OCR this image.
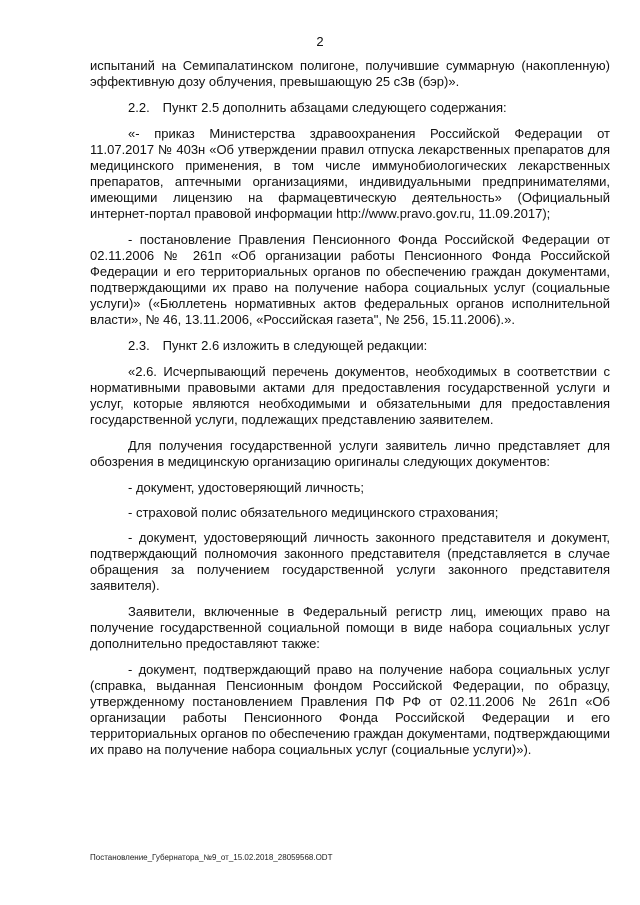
2

испытаний на Семипалатинском полигоне, получившие суммарную (накопленную) эффективную дозу облучения, превышающую 25 сЗв (бэр)».

2.2. Пункт 2.5 дополнить абзацами следующего содержания:

«- приказ Министерства здравоохранения Российской Федерации от 11.07.2017 № 403н «Об утверждении правил отпуска лекарственных препаратов для медицинского применения, в том числе иммунобиологических лекарственных препаратов, аптечными организациями, индивидуальными предпринимателями, имеющими лицензию на фармацевтическую деятельность» (Официальный интернет-портал правовой информации http://www.pravo.gov.ru, 11.09.2017);

- постановление Правления Пенсионного Фонда Российской Федерации от 02.11.2006 № 261п «Об организации работы Пенсионного Фонда Российской Федерации и его территориальных органов по обеспечению граждан документами, подтверждающими их право на получение набора социальных услуг (социальные услуги)» («Бюллетень нормативных актов федеральных органов исполнительной власти», № 46, 13.11.2006, «Российская газета", № 256, 15.11.2006).».

2.3. Пункт 2.6 изложить в следующей редакции:

«2.6. Исчерпывающий перечень документов, необходимых в соответствии с нормативными правовыми актами для предоставления государственной услуги и услуг, которые являются необходимыми и обязательными для предоставления государственной услуги, подлежащих представлению заявителем.

Для получения государственной услуги заявитель лично представляет для обозрения в медицинскую организацию оригиналы следующих документов:

- документ, удостоверяющий личность;

- страховой полис обязательного медицинского страхования;

- документ, удостоверяющий личность законного представителя и документ, подтверждающий полномочия законного представителя (представляется в случае обращения за получением государственной услуги законного представителя заявителя).

Заявители, включенные в Федеральный регистр лиц, имеющих право на получение государственной социальной помощи в виде набора социальных услуг дополнительно предоставляют также:

- документ, подтверждающий право на получение набора социальных услуг (справка, выданная Пенсионным фондом Российской Федерации, по образцу, утвержденному постановлением Правления ПФ РФ от 02.11.2006 № 261п «Об организации работы Пенсионного Фонда Российской Федерации и его территориальных органов по обеспечению граждан документами, подтверждающими их право на получение набора социальных услуг (социальные услуги)»).

Постановление_Губернатора_№9_от_15.02.2018_28059568.ODT
